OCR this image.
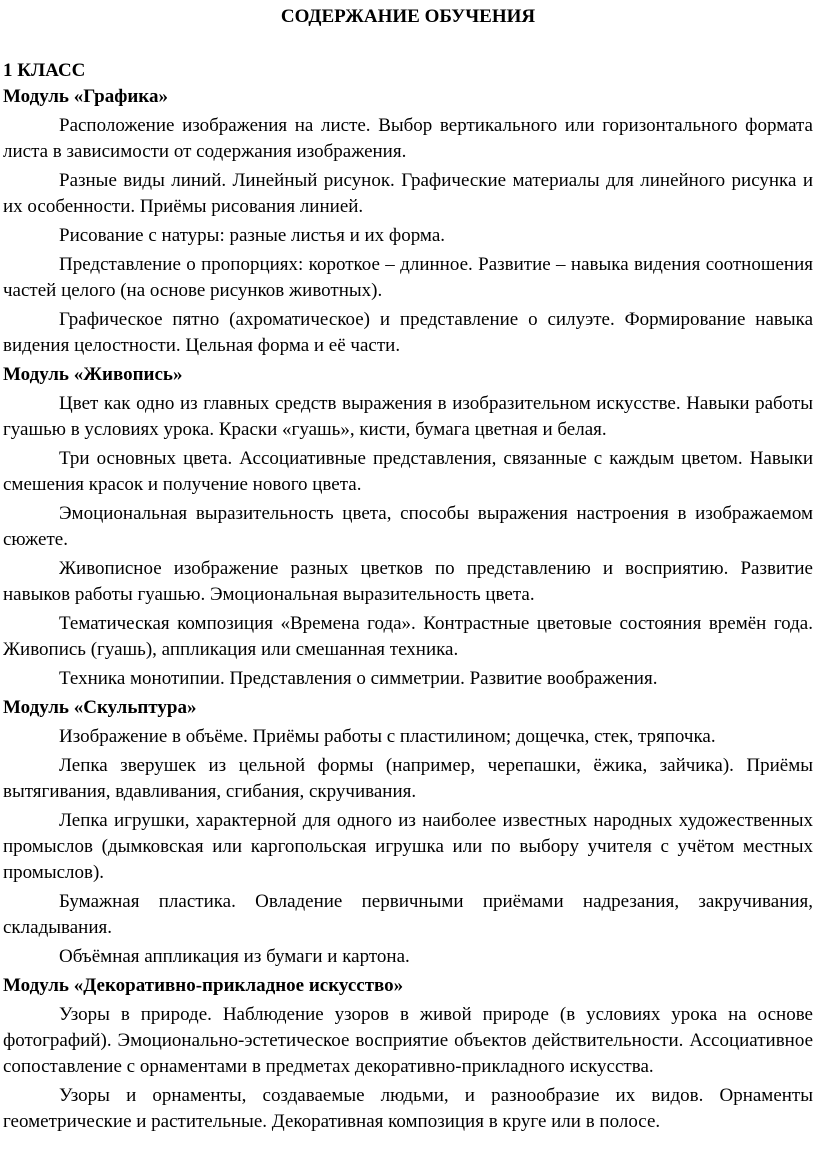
СОДЕРЖАНИЕ ОБУЧЕНИЯ

1 КЛАСС

Модуль «Графика»

Расположение изображения на листе. Выбор вертикального или горизонтального формата листа в зависимости от содержания изображения.

Разные виды линий. Линейный рисунок. Графические материалы для линейного рисунка и их особенности. Приёмы рисования линией.

Рисование с натуры: разные листья и их форма.

Представление о пропорциях: короткое – длинное. Развитие – навыка видения соотношения частей целого (на основе рисунков животных).

Графическое пятно (ахроматическое) и представление о силуэте. Формирование навыка видения целостности. Цельная форма и её части.

Модуль «Живопись»

Цвет как одно из главных средств выражения в изобразительном искусстве. Навыки работы гуашью в условиях урока. Краски «гуашь», кисти, бумага цветная и белая.

Три основных цвета. Ассоциативные представления, связанные с каждым цветом. Навыки смешения красок и получение нового цвета.

Эмоциональная выразительность цвета, способы выражения настроения в изображаемом сюжете.

Живописное изображение разных цветков по представлению и восприятию. Развитие навыков работы гуашью. Эмоциональная выразительность цвета.

Тематическая композиция «Времена года». Контрастные цветовые состояния времён года. Живопись (гуашь), аппликация или смешанная техника.

Техника монотипии. Представления о симметрии. Развитие воображения.

Модуль «Скульптура»

Изображение в объёме. Приёмы работы с пластилином; дощечка, стек, тряпочка.

Лепка зверушек из цельной формы (например, черепашки, ёжика, зайчика). Приёмы вытягивания, вдавливания, сгибания, скручивания.

Лепка игрушки, характерной для одного из наиболее известных народных художественных промыслов (дымковская или каргопольская игрушка или по выбору учителя с учётом местных промыслов).

Бумажная пластика. Овладение первичными приёмами надрезания, закручивания, складывания.

Объёмная аппликация из бумаги и картона.

Модуль «Декоративно-прикладное искусство»

Узоры в природе. Наблюдение узоров в живой природе (в условиях урока на основе фотографий). Эмоционально-эстетическое восприятие объектов действительности. Ассоциативное сопоставление с орнаментами в предметах декоративно-прикладного искусства.

Узоры и орнаменты, создаваемые людьми, и разнообразие их видов. Орнаменты геометрические и растительные. Декоративная композиция в круге или в полосе.
